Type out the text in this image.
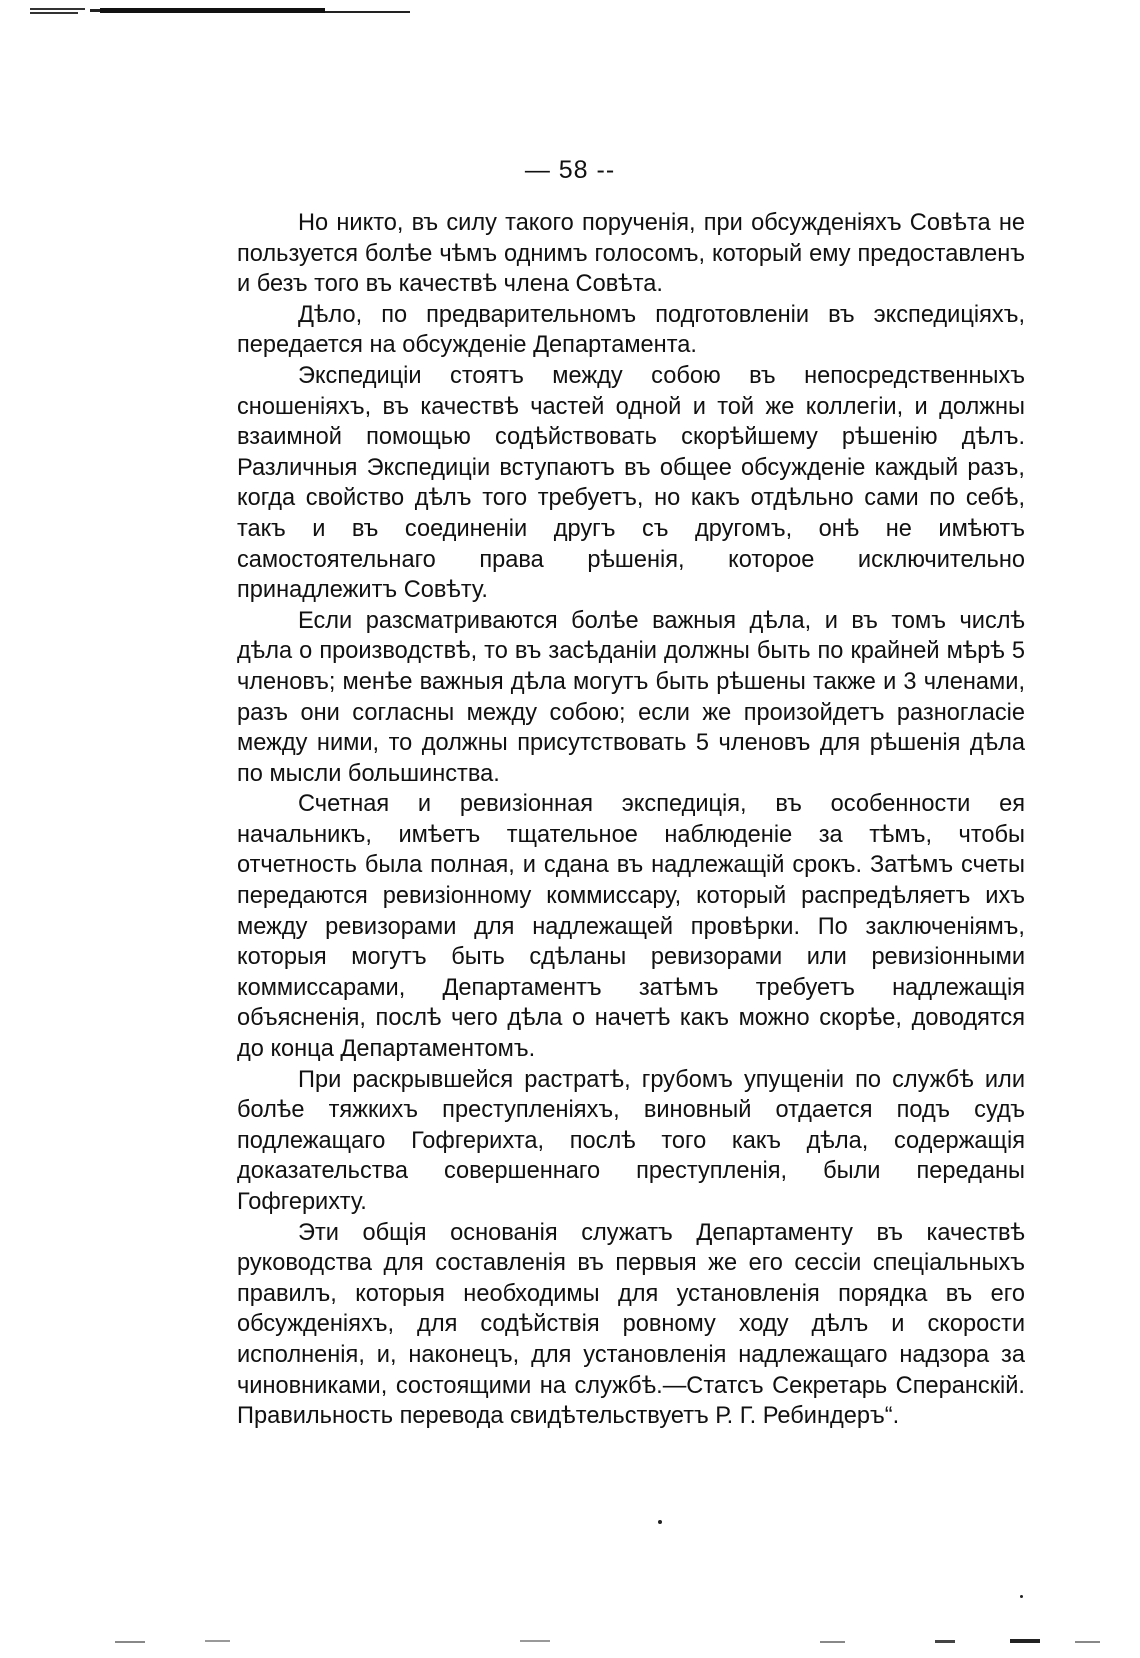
— 58 --

Но никто, въ силу такого порученія, при обсужденіяхъ Совѣта не пользуется болѣе чѣмъ однимъ голосомъ, который ему предоставленъ и безъ того въ качествѣ члена Совѣта.

Дѣло, по предварительномъ подготовленіи въ экспедиціяхъ, передается на обсужденіе Департамента.

Экспедиціи стоятъ между собою въ непосредственныхъ сношеніяхъ, въ качествѣ частей одной и той же коллегіи, и должны взаимной помощью содѣйствовать скорѣйшему рѣшенію дѣлъ. Различныя Экспедиціи вступаютъ въ общее обсужденіе каждый разъ, когда свойство дѣлъ того требуетъ, но какъ отдѣльно сами по себѣ, такъ и въ соединеніи другъ съ другомъ, онѣ не имѣютъ самостоятельнаго права рѣшенія, которое исключительно принадлежитъ Совѣту.

Если разсматриваются болѣе важныя дѣла, и въ томъ числѣ дѣла о производствѣ, то въ засѣданіи должны быть по крайней мѣрѣ 5 членовъ; менѣе важныя дѣла могутъ быть рѣшены также и 3 членами, разъ они согласны между собою; если же произойдетъ разногласіе между ними, то должны присутствовать 5 членовъ для рѣшенія дѣла по мысли большинства.

Счетная и ревизіонная экспедиція, въ особенности ея начальникъ, имѣетъ тщательное наблюденіе за тѣмъ, чтобы отчетность была полная, и сдана въ надлежащій срокъ. Затѣмъ счеты передаются ревизіонному коммиссару, который распредѣляетъ ихъ между ревизорами для надлежащей провѣрки. По заключеніямъ, которыя могутъ быть сдѣланы ревизорами или ревизіонными коммиссарами, Департаментъ затѣмъ требуетъ надлежащія объясненія, послѣ чего дѣла о начетѣ какъ можно скорѣе, доводятся до конца Департаментомъ.

При раскрывшейся растратѣ, грубомъ упущеніи по службѣ или болѣе тяжкихъ преступленіяхъ, виновный отдается подъ судъ подлежащаго Гофгерихта, послѣ того какъ дѣла, содержащія доказательства совершеннаго преступленія, были переданы Гофгерихту.

Эти общія основанія служатъ Департаменту въ качествѣ руководства для составленія въ первыя же его сессіи спеціальныхъ правилъ, которыя необходимы для установленія порядка въ его обсужденіяхъ, для содѣйствія ровному ходу дѣлъ и скорости исполненія, и, наконецъ, для установленія надлежащаго надзора за чиновниками, состоящими на службѣ.—Статсъ Секретарь Сперанскій. Правильность перевода свидѣтельствуетъ Р. Г. Ребиндеръ“.
